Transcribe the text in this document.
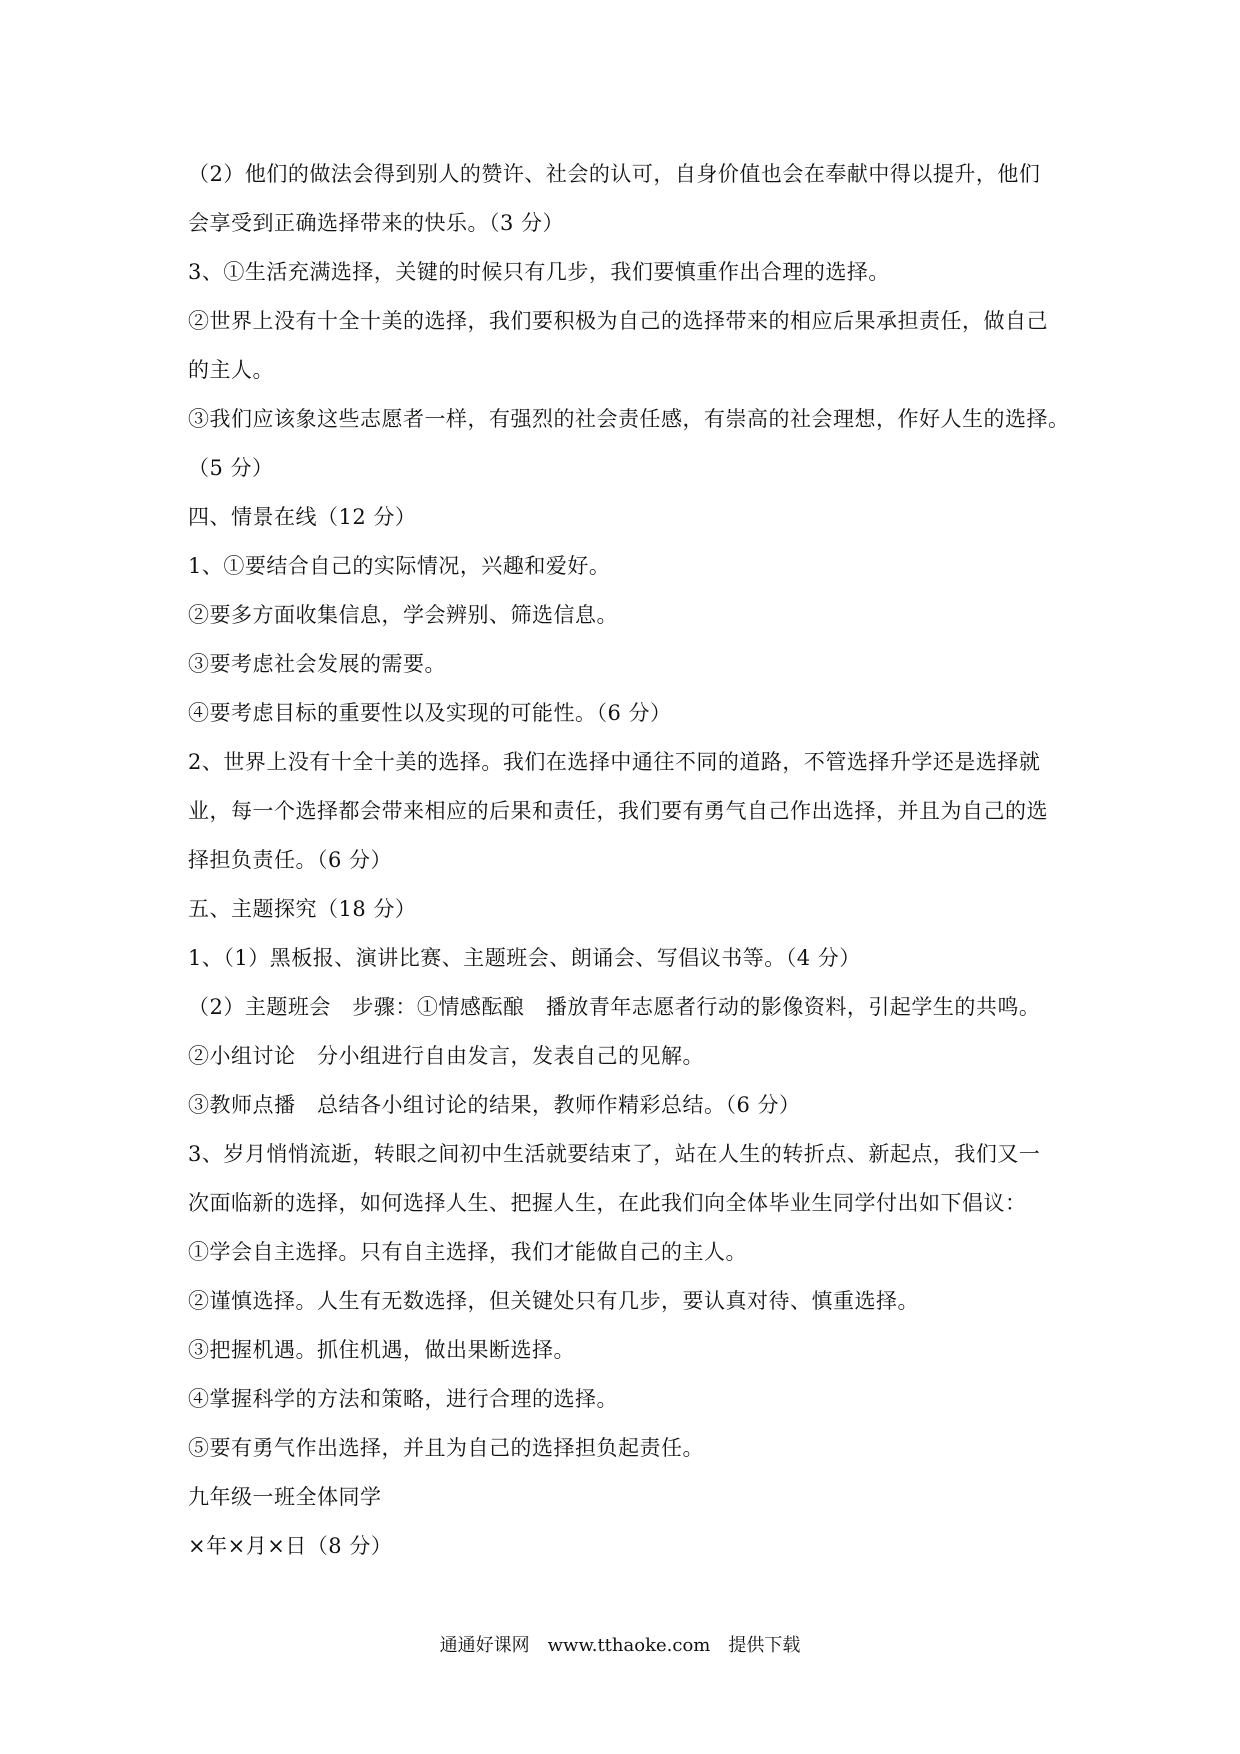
（2）他们的做法会得到别人的赞许、社会的认可，自身价值也会在奉献中得以提升，他们
会享受到正确选择带来的快乐。（3 分）
3、①生活充满选择，关键的时候只有几步，我们要慎重作出合理的选择。
②世界上没有十全十美的选择，我们要积极为自己的选择带来的相应后果承担责任，做自己
的主人。
③我们应该象这些志愿者一样，有强烈的社会责任感，有崇高的社会理想，作好人生的选择。
（5 分）
四、情景在线（12 分）
1、①要结合自己的实际情况，兴趣和爱好。
②要多方面收集信息，学会辨别、筛选信息。
③要考虑社会发展的需要。
④要考虑目标的重要性以及实现的可能性。（6 分）
2、世界上没有十全十美的选择。我们在选择中通往不同的道路，不管选择升学还是选择就
业，每一个选择都会带来相应的后果和责任，我们要有勇气自己作出选择，并且为自己的选
择担负责任。（6 分）
五、主题探究（18 分）
1、（1）黑板报、演讲比赛、主题班会、朗诵会、写倡议书等。（4 分）
（2）主题班会　步骤：①情感酝酿　播放青年志愿者行动的影像资料，引起学生的共鸣。
②小组讨论　分小组进行自由发言，发表自己的见解。
③教师点播　总结各小组讨论的结果，教师作精彩总结。（6 分）
3、岁月悄悄流逝，转眼之间初中生活就要结束了，站在人生的转折点、新起点，我们又一
次面临新的选择，如何选择人生、把握人生，在此我们向全体毕业生同学付出如下倡议：
①学会自主选择。只有自主选择，我们才能做自己的主人。
②谨慎选择。人生有无数选择，但关键处只有几步，要认真对待、慎重选择。
③把握机遇。抓住机遇，做出果断选择。
④掌握科学的方法和策略，进行合理的选择。
⑤要有勇气作出选择，并且为自己的选择担负起责任。
九年级一班全体同学
×年×月×日（8 分）
通通好课网　www.tthaoke.com　提供下载
